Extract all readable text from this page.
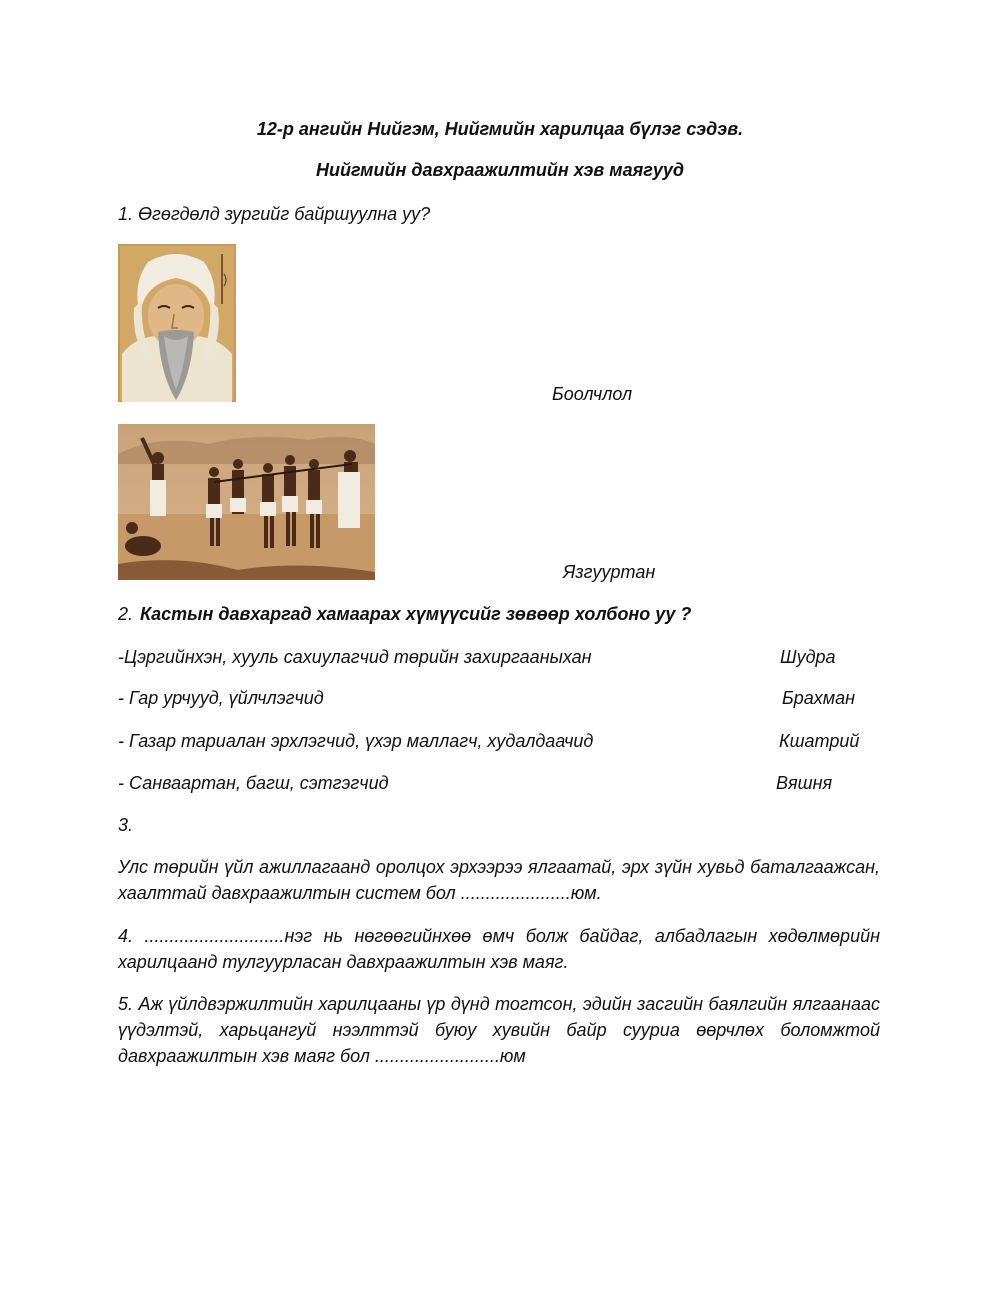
12-р ангийн Нийгэм, Нийгмийн харилцаа бүлэг сэдэв.
Нийгмийн давхраажилтийн хэв маягууд
1. Өгөгдөлд зургийг байршуулна уу?
Боолчлол
Язгууртан
2. Кастын давхаргад хамаарах хүмүүсийг зөвөөр холбоно уу ?
-Цэргийнхэн, хууль сахиулагчид төрийн захиргааныхан	Шудра
- Гар урчууд, үйлчлэгчид	Брахман
- Газар тариалан эрхлэгчид, үхэр маллагч, худалдаачид	Кшатрий
- Санваартан, багш, сэтгэгчид	Вяшня
3.
Улс төрийн үйл ажиллагаанд оролцох эрхээрээ ялгаатай, эрх зүйн хувьд баталгаажсан, хаалттай давхраажилтын систем бол ......................юм.
4. ............................нэг нь нөгөөгийнхөө өмч болж байдаг, албадлагын хөдөлмөрийн харилцаанд тулгуурласан давхраажилтын хэв маяг.
5. Аж үйлдвэржилтийн харилцааны үр дүнд тогтсон, эдийн засгийн баялгийн ялгаанаас үүдэлтэй, харьцангуй нээлттэй буюу хувийн байр сууриа өөрчлөх боломжтой давхраажилтын хэв маяг бол .........................юм
